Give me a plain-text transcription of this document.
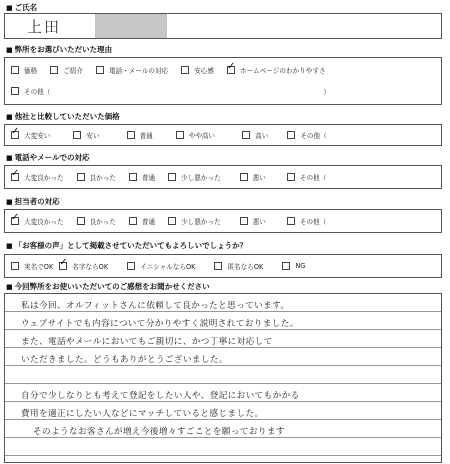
■ ご氏名
上田
■ 弊所をお選びいただいた理由
価格	ご紹介	電話・メールの対応	安心感 ✓	ホームページのわかりやすさ
その他（	）
■ 他社と比較していただいた価格
✓
大変安い	安い	普通	やや高い	高い	その他（
■ 電話やメールでの対応
✓
大変良かった	良かった	普通	少し悪かった	悪い	その他（
■ 担当者の対応
✓
大変良かった	良かった	普通	少し悪かった	悪い	その他（
■ 「お客様の声」として掲載させていただいてもよろしいでしょうか？
実名でOK ✓	名字ならOK	イニシャルならOK	匿名ならOK	NG
■ 今回弊所をお使いいただいてのご感想をお聞かせください
私は今回、オルフィットさんに依頼して良かったと思っています。
ウェブサイトでも内容について分かりやすく説明されておりました。
また、電話やメールにおいてもご親切に、かつ丁寧に対応して
いただきました。どうもありがとうございました。
自分で少しなりとも考えて登記をしたい人や、登記においてもかかる
費用を適正にしたい人などにマッチしていると感じました。
そのようなお客さんが増え今後増々すごことを願っております
